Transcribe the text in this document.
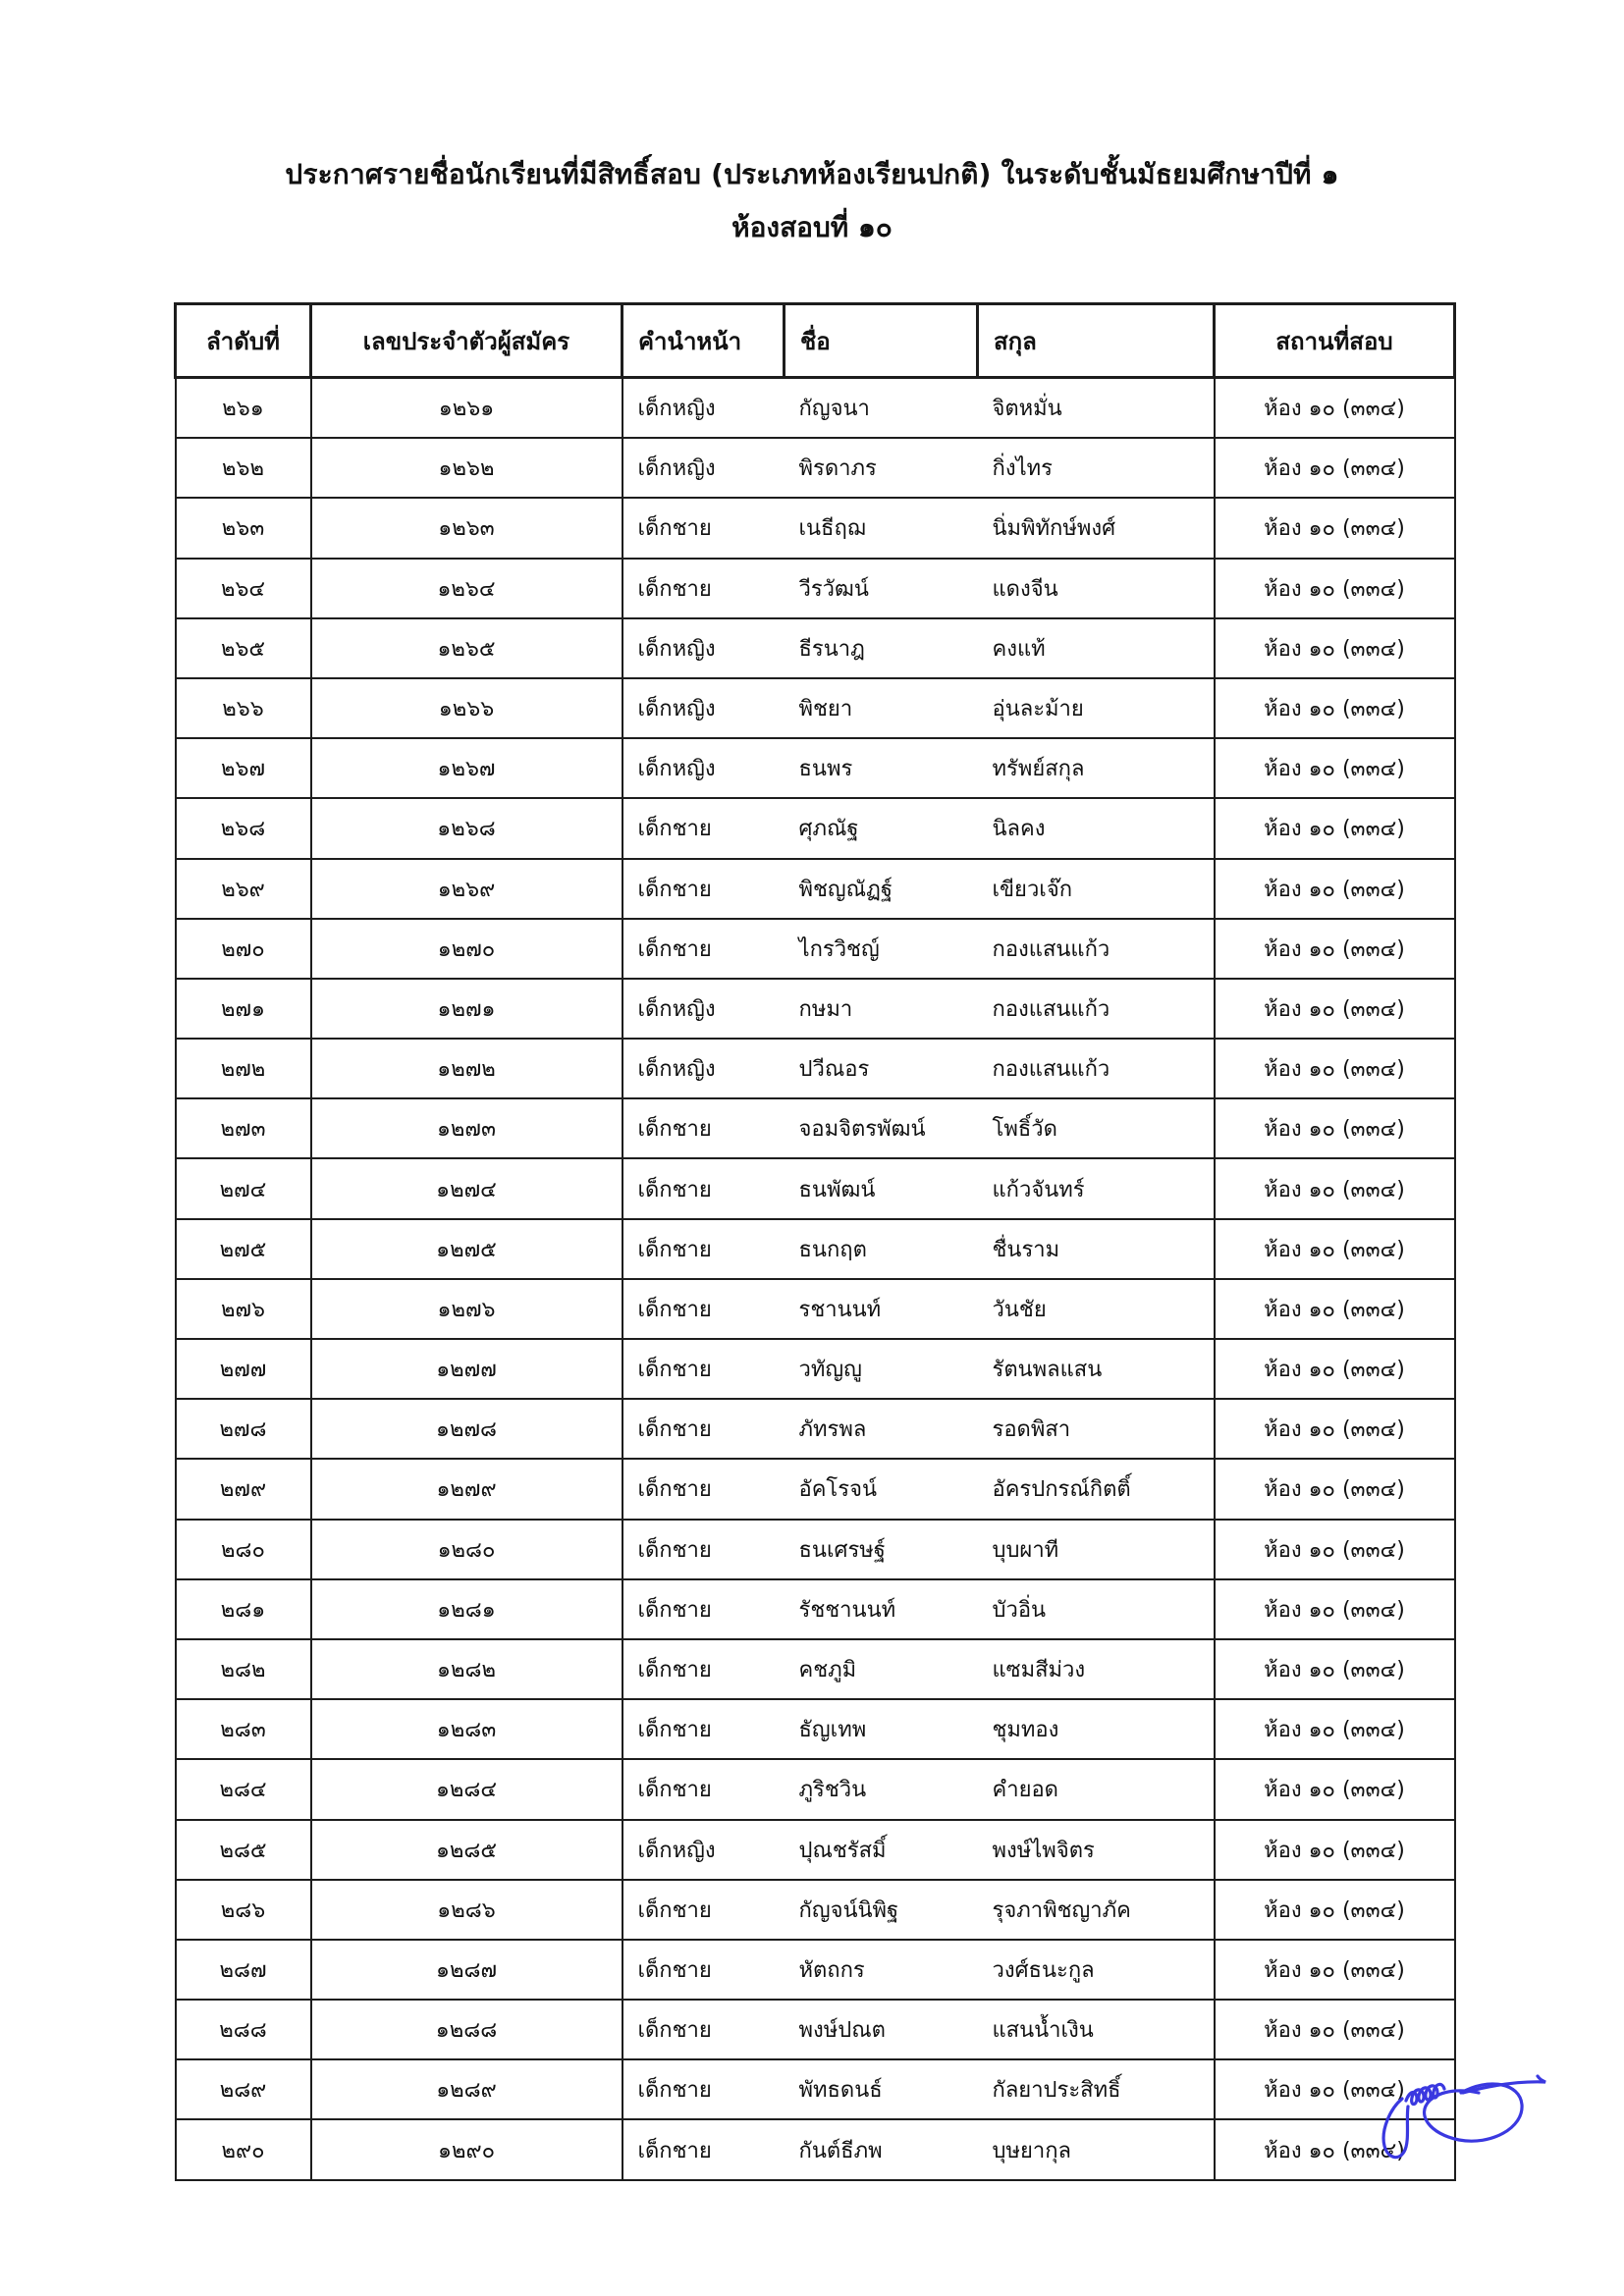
ประกาศรายชื่อนักเรียนที่มีสิทธิ์สอบ (ประเภทห้องเรียนปกติ) ในระดับชั้นมัธยมศึกษาปีที่ ๑
ห้องสอบที่ ๑๐
ลำดับที่	เลขประจำตัวผู้สมัคร	คำนำหน้า	ชื่อ	สกุล	สถานที่สอบ
๒๖๑	๑๒๖๑	เด็กหญิง	กัญจนา	จิตหมั่น	ห้อง ๑๐ (๓๓๔)
๒๖๒	๑๒๖๒	เด็กหญิง	พิรดาภร	กิ่งไทร	ห้อง ๑๐ (๓๓๔)
๒๖๓	๑๒๖๓	เด็กชาย	เนธีฤฌ	นิ่มพิทักษ์พงศ์	ห้อง ๑๐ (๓๓๔)
๒๖๔	๑๒๖๔	เด็กชาย	วีรวัฒน์	แดงจีน	ห้อง ๑๐ (๓๓๔)
๒๖๕	๑๒๖๕	เด็กหญิง	ธีรนาฎ	คงแท้	ห้อง ๑๐ (๓๓๔)
๒๖๖	๑๒๖๖	เด็กหญิง	พิชยา	อุ่นละม้าย	ห้อง ๑๐ (๓๓๔)
๒๖๗	๑๒๖๗	เด็กหญิง	ธนพร	ทรัพย์สกุล	ห้อง ๑๐ (๓๓๔)
๒๖๘	๑๒๖๘	เด็กชาย	ศุภณัฐ	นิลคง	ห้อง ๑๐ (๓๓๔)
๒๖๙	๑๒๖๙	เด็กชาย	พิชญณัฏฐ์	เขียวเจ๊ก	ห้อง ๑๐ (๓๓๔)
๒๗๐	๑๒๗๐	เด็กชาย	ไกรวิชญ์	กองแสนแก้ว	ห้อง ๑๐ (๓๓๔)
๒๗๑	๑๒๗๑	เด็กหญิง	กษมา	กองแสนแก้ว	ห้อง ๑๐ (๓๓๔)
๒๗๒	๑๒๗๒	เด็กหญิง	ปวีณอร	กองแสนแก้ว	ห้อง ๑๐ (๓๓๔)
๒๗๓	๑๒๗๓	เด็กชาย	จอมจิตรพัฒน์	โพธิ์วัด	ห้อง ๑๐ (๓๓๔)
๒๗๔	๑๒๗๔	เด็กชาย	ธนพัฒน์	แก้วจันทร์	ห้อง ๑๐ (๓๓๔)
๒๗๕	๑๒๗๕	เด็กชาย	ธนกฤต	ชื่นราม	ห้อง ๑๐ (๓๓๔)
๒๗๖	๑๒๗๖	เด็กชาย	รชานนท์	วันชัย	ห้อง ๑๐ (๓๓๔)
๒๗๗	๑๒๗๗	เด็กชาย	วทัญญู	รัตนพลแสน	ห้อง ๑๐ (๓๓๔)
๒๗๘	๑๒๗๘	เด็กชาย	ภัทรพล	รอดพิสา	ห้อง ๑๐ (๓๓๔)
๒๗๙	๑๒๗๙	เด็กชาย	อัคโรจน์	อัครปกรณ์กิตติ์	ห้อง ๑๐ (๓๓๔)
๒๘๐	๑๒๘๐	เด็กชาย	ธนเศรษฐ์	บุบผาที	ห้อง ๑๐ (๓๓๔)
๒๘๑	๑๒๘๑	เด็กชาย	รัชชานนท์	บัวอิ่น	ห้อง ๑๐ (๓๓๔)
๒๘๒	๑๒๘๒	เด็กชาย	คชภูมิ	แซมสีม่วง	ห้อง ๑๐ (๓๓๔)
๒๘๓	๑๒๘๓	เด็กชาย	ธัญเทพ	ชุมทอง	ห้อง ๑๐ (๓๓๔)
๒๘๔	๑๒๘๔	เด็กชาย	ภูริชวิน	คำยอด	ห้อง ๑๐ (๓๓๔)
๒๘๕	๑๒๘๕	เด็กหญิง	ปุณชรัสมิ์	พงษ์ไพจิตร	ห้อง ๑๐ (๓๓๔)
๒๘๖	๑๒๘๖	เด็กชาย	กัญจน์นิพิฐ	รุจภาพิชญาภัค	ห้อง ๑๐ (๓๓๔)
๒๘๗	๑๒๘๗	เด็กชาย	หัตถกร	วงศ์ธนะกูล	ห้อง ๑๐ (๓๓๔)
๒๘๘	๑๒๘๘	เด็กชาย	พงษ์ปณต	แสนน้ำเงิน	ห้อง ๑๐ (๓๓๔)
๒๘๙	๑๒๘๙	เด็กชาย	พัทธดนธ์	กัลยาประสิทธิ์	ห้อง ๑๐ (๓๓๔)
๒๙๐	๑๒๙๐	เด็กชาย	กันต์ธีภพ	บุษยากุล	ห้อง ๑๐ (๓๓๔)
